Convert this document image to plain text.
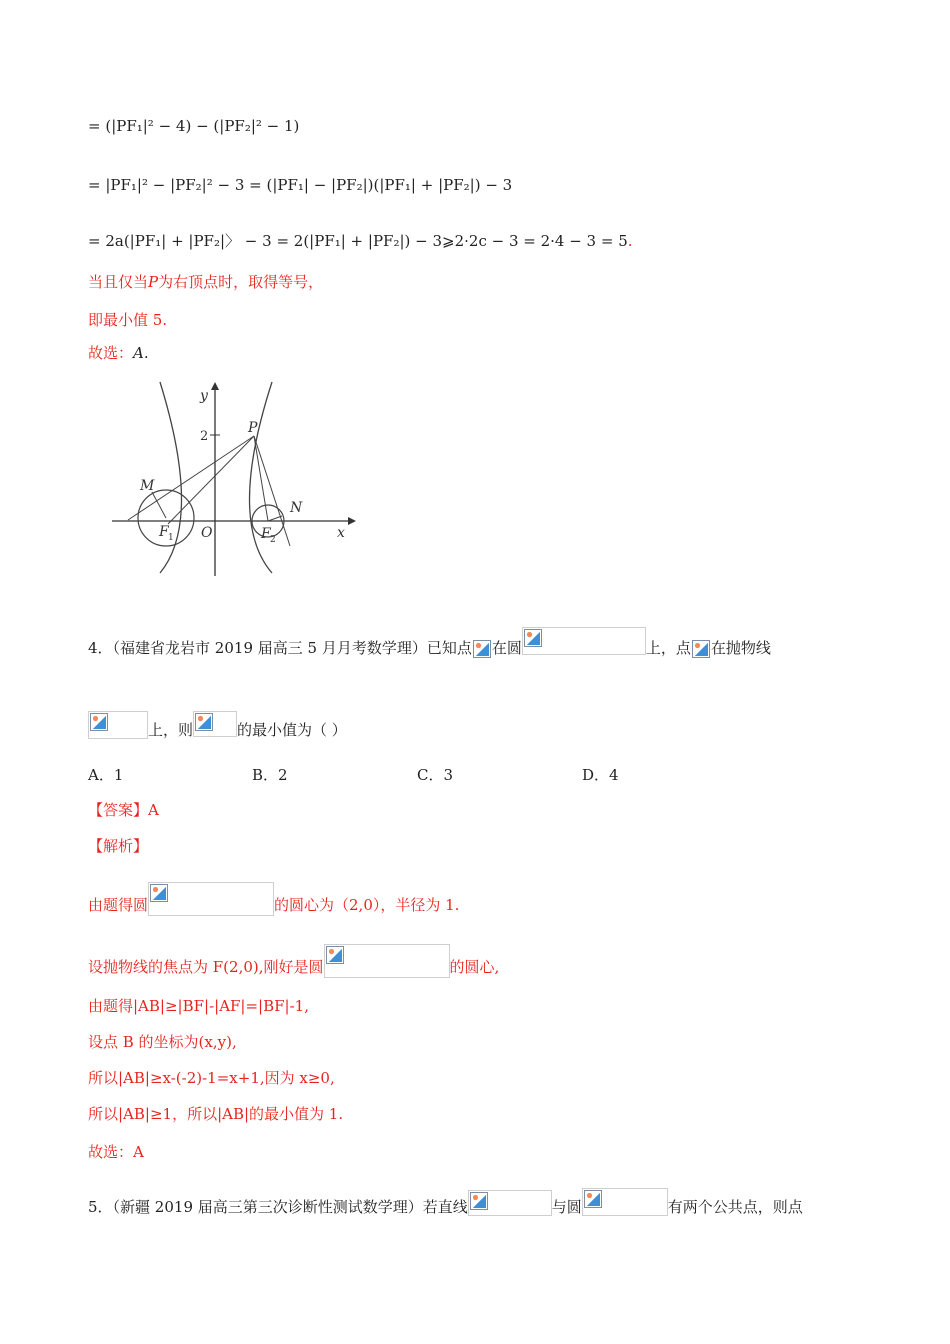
= (|PF₁|² − 4) − (|PF₂|² − 1)
= |PF₁|² − |PF₂|² − 3 = (|PF₁| − |PF₂|)(|PF₁| + |PF₂|) − 3
= 2a(|PF₁| + |PF₂|〉 − 3 = 2(|PF₁| + |PF₂|) − 3⩾2·2c − 3 = 2·4 − 3 = 5.
当且仅当P为右顶点时，取得等号，
即最小值 5.
故选：A.
y
2
P
M
N
O	x
F 1	F 2
4．（福建省龙岩市 2019 届高三 5 月月考数学理）已知点 在圆	上，点 在抛物线
上，则	的最小值为（ ）
A．1	B．2	C．3	D．4
【答案】A
【解析】
由题得圆	的圆心为（2,0），半径为 1.
设抛物线的焦点为 F(2,0),刚好是圆	的圆心,
由题得|AB|≥|BF|-|AF|=|BF|-1,
设点 B 的坐标为(x,y),
所以|AB|≥x-(-2)-1=x+1,因为 x≥0,
所以|AB|≥1，所以|AB|的最小值为 1.
故选：A
5．（新疆 2019 届高三第三次诊断性测试数学理）若直线	与圆	有两个公共点，则点
